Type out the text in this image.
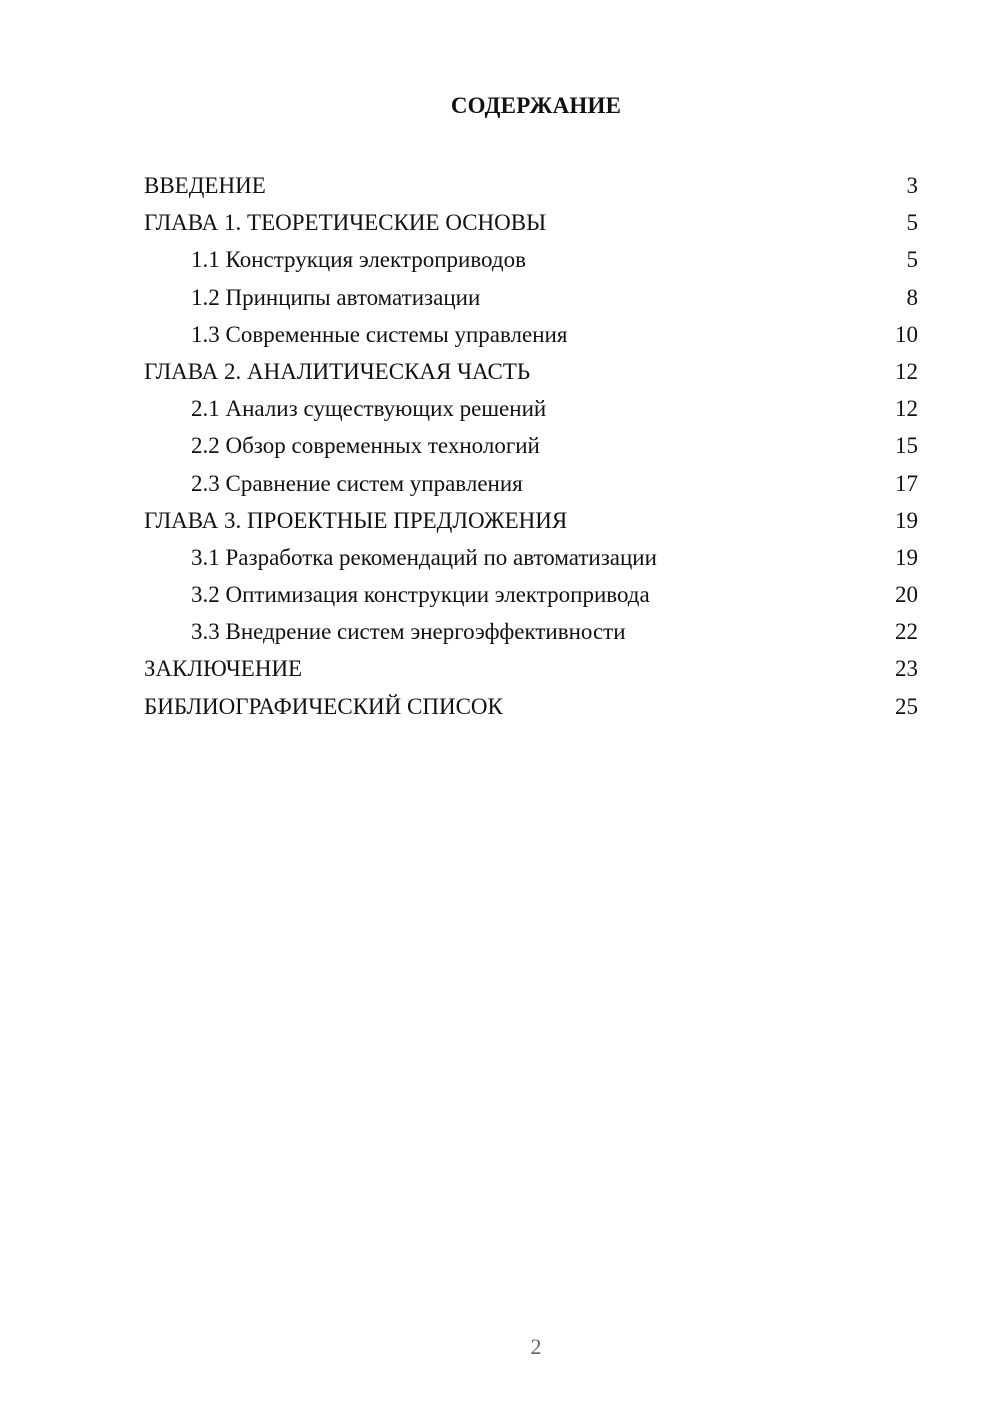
СОДЕРЖАНИЕ
ВВЕДЕНИЕ	3
ГЛАВА 1. ТЕОРЕТИЧЕСКИЕ ОСНОВЫ	5
1.1 Конструкция электроприводов	5
1.2 Принципы автоматизации	8
1.3 Современные системы управления	10
ГЛАВА 2. АНАЛИТИЧЕСКАЯ ЧАСТЬ	12
2.1 Анализ существующих решений	12
2.2 Обзор современных технологий	15
2.3 Сравнение систем управления	17
ГЛАВА 3. ПРОЕКТНЫЕ ПРЕДЛОЖЕНИЯ	19
3.1 Разработка рекомендаций по автоматизации	19
3.2 Оптимизация конструкции электропривода	20
3.3 Внедрение систем энергоэффективности	22
ЗАКЛЮЧЕНИЕ	23
БИБЛИОГРАФИЧЕСКИЙ СПИСОК	25
2
